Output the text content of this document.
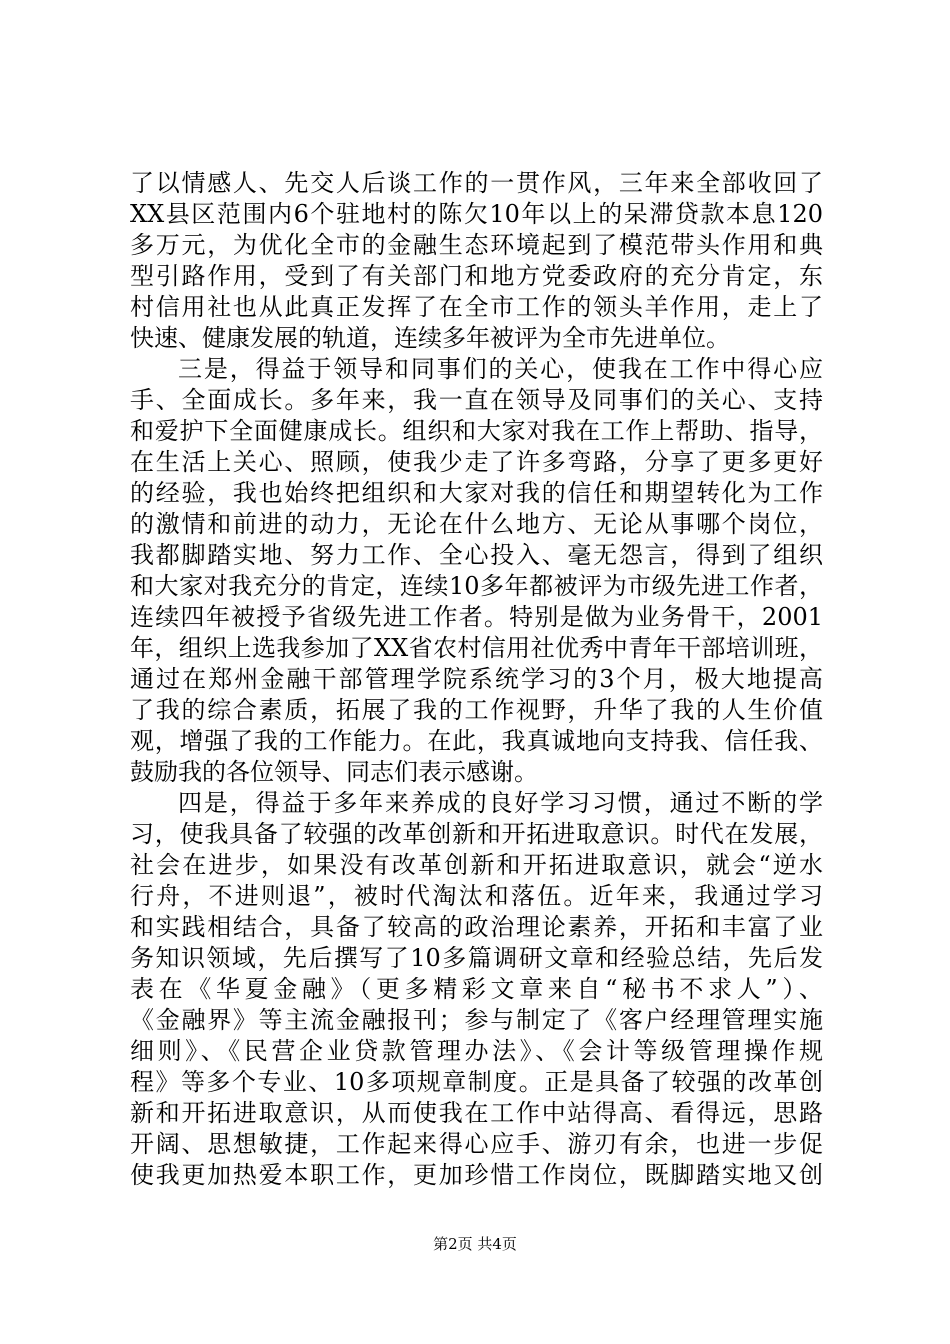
了以情感人、先交人后谈工作的一贯作风，三年来全部收回了
XX县区范围内6个驻地村的陈欠10年以上的呆滞贷款本息120
多万元，为优化全市的金融生态环境起到了模范带头作用和典
型引路作用，受到了有关部门和地方党委政府的充分肯定，东
村信用社也从此真正发挥了在全市工作的领头羊作用，走上了
快速、健康发展的轨道，连续多年被评为全市先进单位。
三是，得益于领导和同事们的关心，使我在工作中得心应
手、全面成长。多年来，我一直在领导及同事们的关心、支持
和爱护下全面健康成长。组织和大家对我在工作上帮助、指导，
在生活上关心、照顾，使我少走了许多弯路，分享了更多更好
的经验，我也始终把组织和大家对我的信任和期望转化为工作
的激情和前进的动力，无论在什么地方、无论从事哪个岗位，
我都脚踏实地、努力工作、全心投入、毫无怨言，得到了组织
和大家对我充分的肯定，连续10多年都被评为市级先进工作者，
连续四年被授予省级先进工作者。特别是做为业务骨干，2001
年，组织上选我参加了XX省农村信用社优秀中青年干部培训班，
通过在郑州金融干部管理学院系统学习的3个月，极大地提高
了我的综合素质，拓展了我的工作视野，升华了我的人生价值
观，增强了我的工作能力。在此，我真诚地向支持我、信任我、
鼓励我的各位领导、同志们表示感谢。
四是，得益于多年来养成的良好学习习惯，通过不断的学
习，使我具备了较强的改革创新和开拓进取意识。时代在发展，
社会在进步，如果没有改革创新和开拓进取意识，就会“逆水
行舟，不进则退”，被时代淘汰和落伍。近年来，我通过学习
和实践相结合，具备了较高的政治理论素养，开拓和丰富了业
务知识领域，先后撰写了10多篇调研文章和经验总结，先后发
表在《华夏金融》（更多精彩文章来自“秘书不求人”）、
《金融界》等主流金融报刊；参与制定了《客户经理管理实施
细则》、《民营企业贷款管理办法》、《会计等级管理操作规
程》等多个专业、10多项规章制度。正是具备了较强的改革创
新和开拓进取意识，从而使我在工作中站得高、看得远，思路
开阔、思想敏捷，工作起来得心应手、游刃有余，也进一步促
使我更加热爱本职工作，更加珍惜工作岗位，既脚踏实地又创
第2页 共4页
